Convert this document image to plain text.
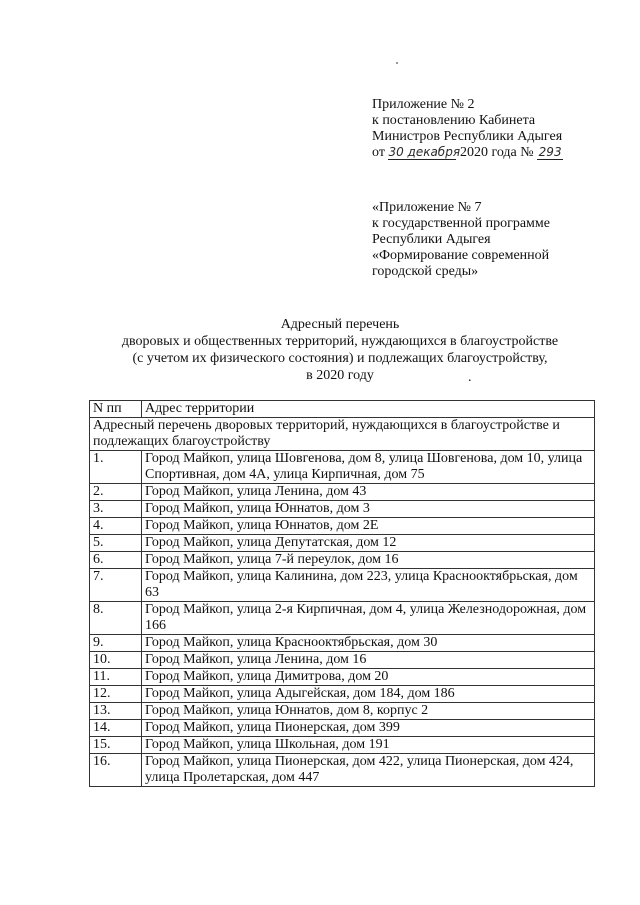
Приложение № 2
к постановлению Кабинета
Министров Республики Адыгея
от 30 декабря 2020 года № 293
«Приложение № 7
к государственной программе
Республики Адыгея
«Формирование современной
городской среды»
Адресный перечень
дворовых и общественных территорий, нуждающихся в благоустройстве
(с учетом их физического состояния) и подлежащих благоустройству,
в 2020 году	.
N пп	Адрес территории
Адресный перечень дворовых территорий, нуждающихся в благоустройстве и подлежащих благоустройству	
1.	Город Майкоп, улица Шовгенова, дом 8, улица Шовгенова, дом 10, улица Спортивная, дом 4А, улица Кирпичная, дом 75
2.	Город Майкоп, улица Ленина, дом 43
3.	Город Майкоп, улица Юннатов, дом 3
4.	Город Майкоп, улица Юннатов, дом 2Е
5.	Город Майкоп, улица Депутатская, дом 12
6.	Город Майкоп, улица 7-й переулок, дом 16
7.	Город Майкоп, улица Калинина, дом 223, улица Краснооктябрьская, дом 63
8.	Город Майкоп, улица 2-я Кирпичная, дом 4, улица Железнодорожная, дом 166
9.	Город Майкоп, улица Краснооктябрьская, дом 30
10.	Город Майкоп, улица Ленина, дом 16
11.	Город Майкоп, улица Димитрова, дом 20
12.	Город Майкоп, улица Адыгейская, дом 184, дом 186
13.	Город Майкоп, улица Юннатов, дом 8, корпус 2
14.	Город Майкоп, улица Пионерская, дом 399
15.	Город Майкоп, улица Школьная, дом 191
16.	Город Майкоп, улица Пионерская, дом 422, улица Пионерская, дом 424, улица Пролетарская, дом 447
